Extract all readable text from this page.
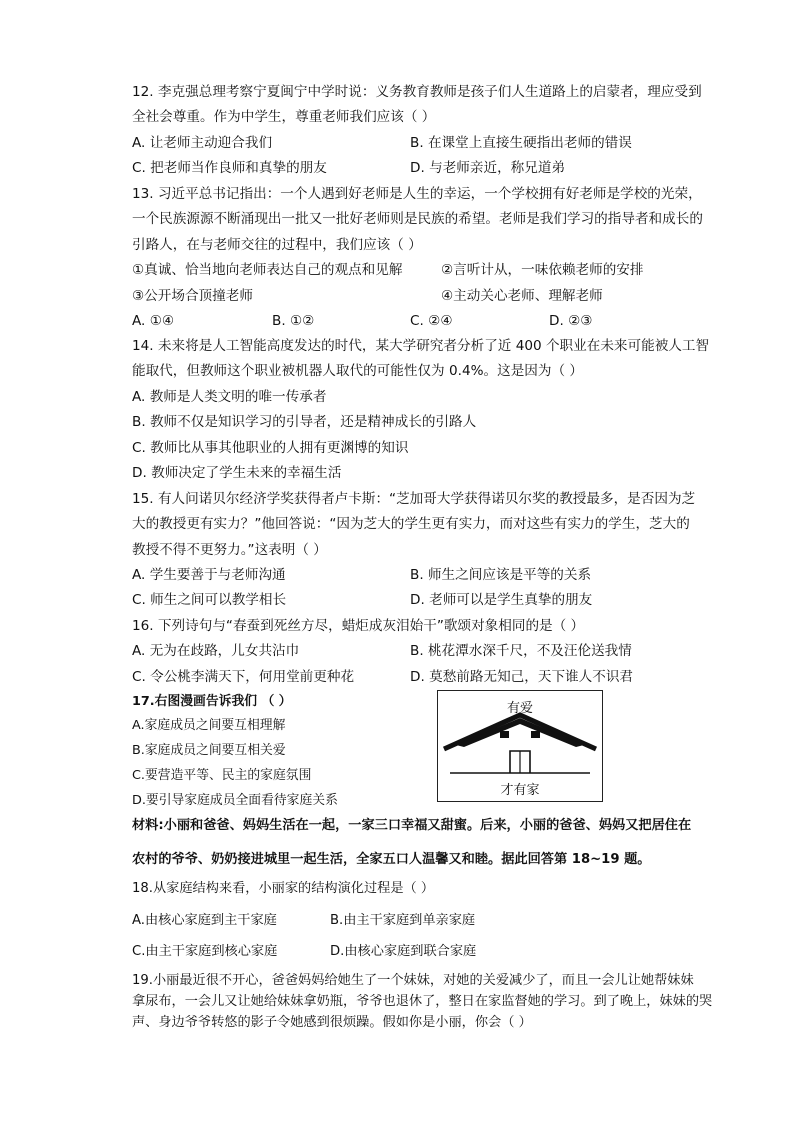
12. 李克强总理考察宁夏闽宁中学时说：义务教育教师是孩子们人生道路上的启蒙者，理应受到
全社会尊重。作为中学生，尊重老师我们应该（ ）
A. 让老师主动迎合我们	B. 在课堂上直接生硬指出老师的错误
C. 把老师当作良师和真挚的朋友	D. 与老师亲近，称兄道弟
13. 习近平总书记指出：一个人遇到好老师是人生的幸运，一个学校拥有好老师是学校的光荣，
一个民族源源不断涌现出一批又一批好老师则是民族的希望。老师是我们学习的指导者和成长的
引路人，在与老师交往的过程中，我们应该（ ）
①真诚、恰当地向老师表达自己的观点和见解	②言听计从，一味依赖老师的安排
③公开场合顶撞老师	④主动关心老师、理解老师
A. ①④	B. ①②	C. ②④	D. ②③
14. 未来将是人工智能高度发达的时代，某大学研究者分析了近 400 个职业在未来可能被人工智
能取代，但教师这个职业被机器人取代的可能性仅为 0.4%。这是因为（ ）
A. 教师是人类文明的唯一传承者
B. 教师不仅是知识学习的引导者，还是精神成长的引路人
C. 教师比从事其他职业的人拥有更渊博的知识
D. 教师决定了学生未来的幸福生活
15. 有人问诺贝尔经济学奖获得者卢卡斯：“芝加哥大学获得诺贝尔奖的教授最多，是否因为芝
大的教授更有实力？”他回答说：“因为芝大的学生更有实力，而对这些有实力的学生，芝大的
教授不得不更努力。”这表明（ ）
A. 学生要善于与老师沟通	B. 师生之间应该是平等的关系
C. 师生之间可以教学相长	D. 老师可以是学生真挚的朋友
16. 下列诗句与“春蚕到死丝方尽，蜡炬成灰泪始干”歌颂对象相同的是（ ）
A. 无为在歧路，儿女共沾巾	B. 桃花潭水深千尺，不及汪伦送我情
C. 令公桃李满天下，何用堂前更种花	D. 莫愁前路无知己，天下谁人不识君
17.右图漫画告诉我们 （ ）
A.家庭成员之间要互相理解
B.家庭成员之间要互相关爱
C.要营造平等、民主的家庭氛围
D.要引导家庭成员全面看待家庭关系
有爱
才有家
材料:小丽和爸爸、妈妈生活在一起，一家三口幸福又甜蜜。后来，小丽的爸爸、妈妈又把居住在
农村的爷爷、奶奶接进城里一起生活，全家五口人温馨又和睦。据此回答第 18~19 题。
18.从家庭结构来看，小丽家的结构演化过程是（ ）
A.由核心家庭到主干家庭	B.由主干家庭到单亲家庭
C.由主干家庭到核心家庭	D.由核心家庭到联合家庭
19.小丽最近很不开心，爸爸妈妈给她生了一个妹妹，对她的关爱减少了，而且一会儿让她帮妹妹
拿尿布，一会儿又让她给妹妹拿奶瓶，爷爷也退休了，整日在家监督她的学习。到了晚上，妹妹的哭
声、身边爷爷转悠的影子令她感到很烦躁。假如你是小丽，你会（ ）
